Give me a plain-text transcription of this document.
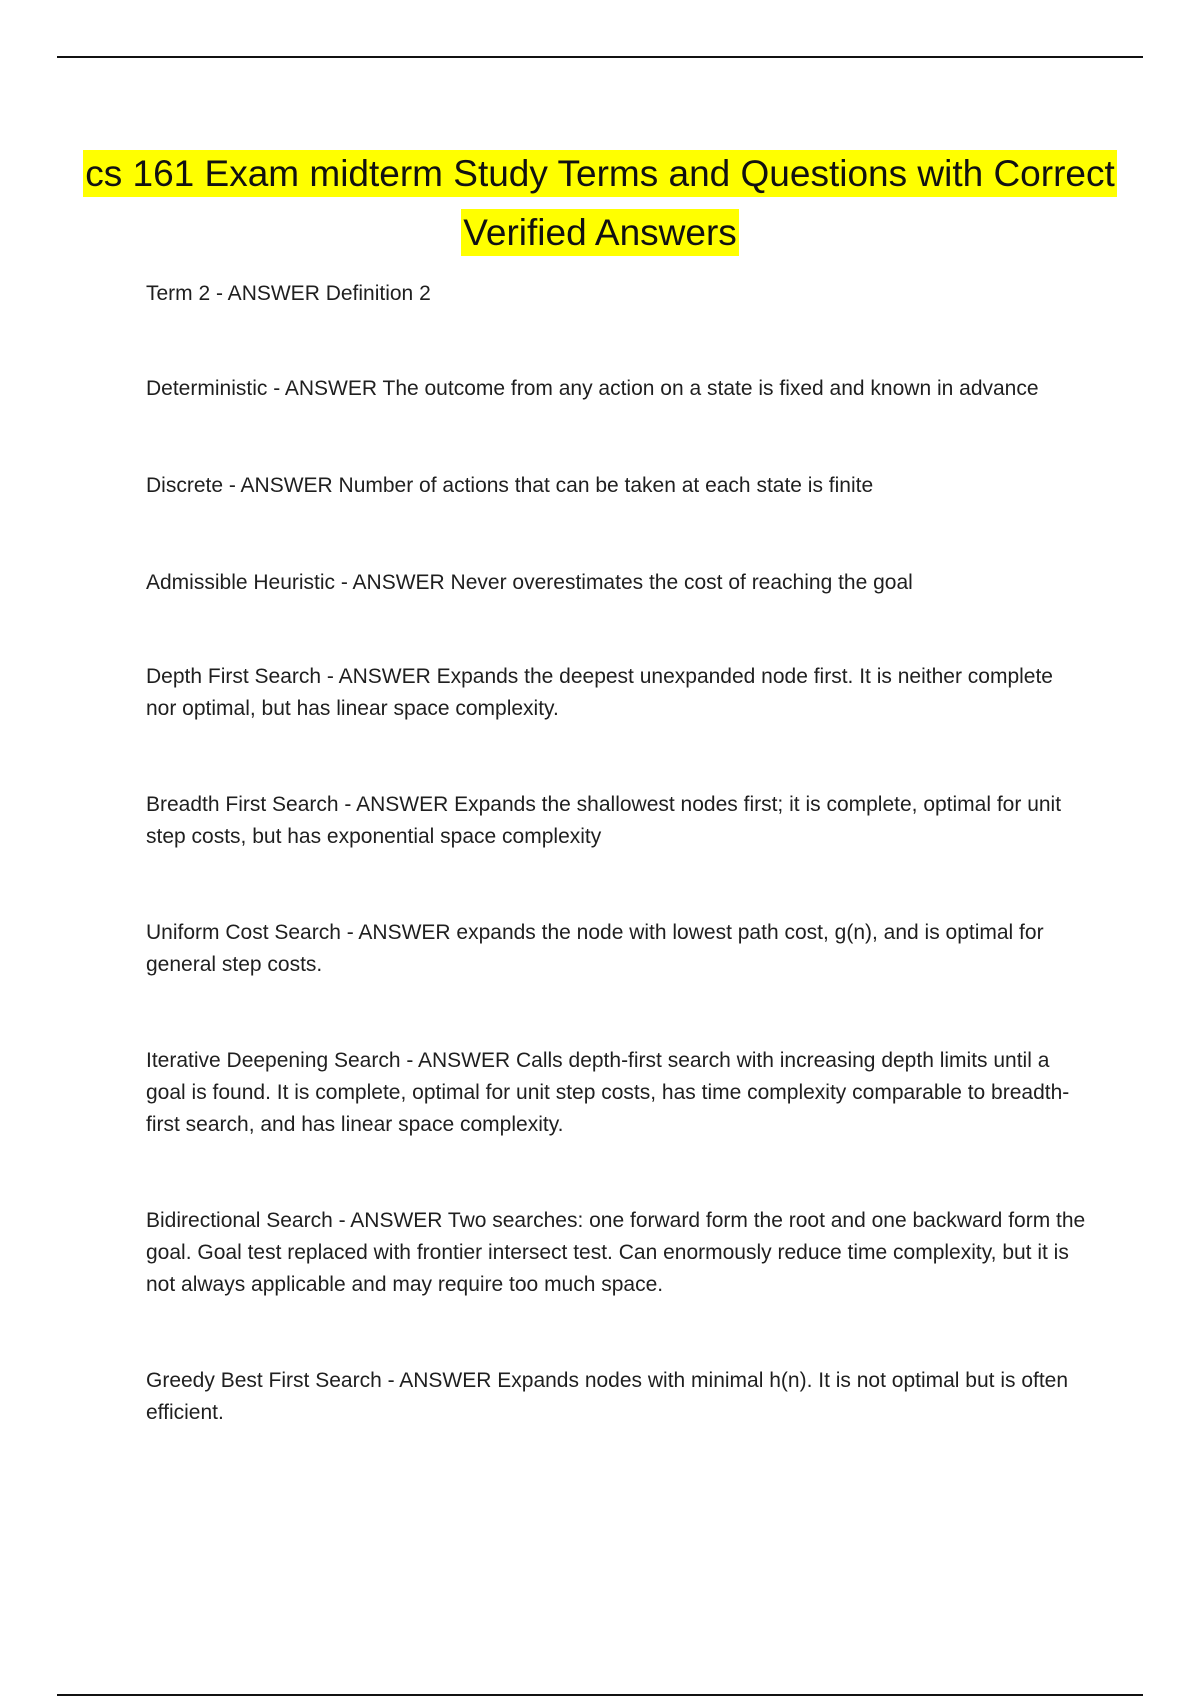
cs 161 Exam midterm Study Terms and Questions with Correct Verified Answers
Term 2 - ANSWER Definition 2
Deterministic - ANSWER The outcome from any action on a state is fixed and known in advance
Discrete - ANSWER Number of actions that can be taken at each state is finite
Admissible Heuristic - ANSWER Never overestimates the cost of reaching the goal
Depth First Search - ANSWER Expands the deepest unexpanded node first. It is neither complete nor optimal, but has linear space complexity.
Breadth First Search - ANSWER Expands the shallowest nodes first; it is complete, optimal for unit step costs, but has exponential space complexity
Uniform Cost Search - ANSWER expands the node with lowest path cost, g(n), and is optimal for general step costs.
Iterative Deepening Search - ANSWER Calls depth-first search with increasing depth limits until a goal is found. It is complete, optimal for unit step costs, has time complexity comparable to breadth-first search, and has linear space complexity.
Bidirectional Search - ANSWER Two searches: one forward form the root and one backward form the goal. Goal test replaced with frontier intersect test. Can enormously reduce time complexity, but it is not always applicable and may require too much space.
Greedy Best First Search - ANSWER Expands nodes with minimal h(n). It is not optimal but is often efficient.
